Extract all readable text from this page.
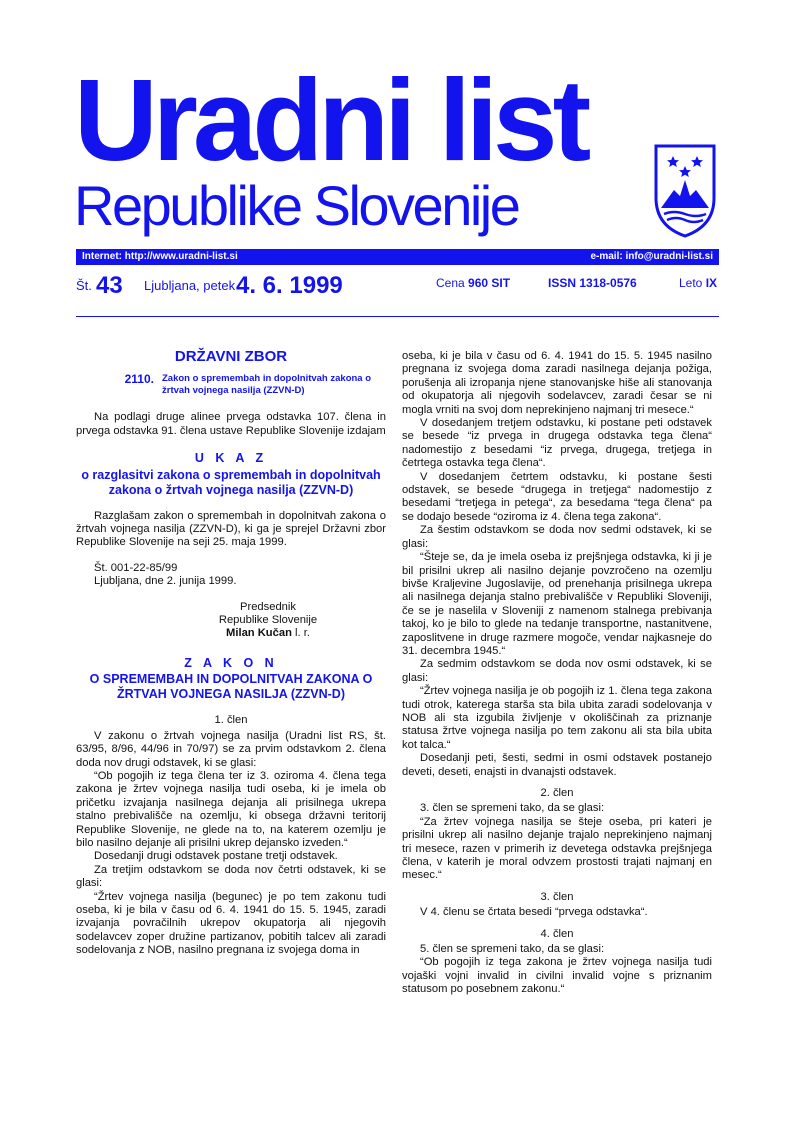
Uradni list
Republike Slovenije
Internet: http://www.uradni-list.si	e-mail: info@uradni-list.si
Št. 43 Ljubljana, petek 4. 6. 1999	Cena 960 SIT	ISSN 1318-0576	Leto IX
DRŽAVNI ZBOR
2110. Zakon o spremembah in dopolnitvah zakona o
žrtvah vojnega nasilja (ZZVN-D)

Na podlagi druge alinee prvega odstavka 107. člena in prvega odstavka 91. člena ustave Republike Slovenije izdajam

U K A Z
o razglasitvi zakona o spremembah in dopolnitvah zakona o žrtvah vojnega nasilja (ZZVN-D)

Razglašam zakon o spremembah in dopolnitvah zakona o žrtvah vojnega nasilja (ZZVN-D), ki ga je sprejel Državni zbor Republike Slovenije na seji 25. maja 1999.

Št. 001-22-85/99

Ljubljana, dne 2. junija 1999.

Predsednik
Republike Slovenije
Milan Kučan l. r.
Z A K O N
O SPREMEMBAH IN DOPOLNITVAH ZAKONA O ŽRTVAH VOJNEGA NASILJA (ZZVN-D)
1. člen

V zakonu o žrtvah vojnega nasilja (Uradni list RS, št. 63/95, 8/96, 44/96 in 70/97) se za prvim odstavkom 2. člena doda nov drugi odstavek, ki se glasi:

“Ob pogojih iz tega člena ter iz 3. oziroma 4. člena tega zakona je žrtev vojnega nasilja tudi oseba, ki je imela ob pričetku izvajanja nasilnega dejanja ali prisilnega ukrepa stalno prebivališče na ozemlju, ki obsega državni teritorij Republike Slovenije, ne glede na to, na katerem ozemlju je bilo nasilno dejanje ali prisilni ukrep dejansko izveden.“

Dosedanji drugi odstavek postane tretji odstavek.

Za tretjim odstavkom se doda nov četrti odstavek, ki se glasi:

“Žrtev vojnega nasilja (begunec) je po tem zakonu tudi oseba, ki je bila v času od 6. 4. 1941 do 15. 5. 1945, zaradi izvajanja povračilnih ukrepov okupatorja ali njegovih sodelavcev zoper družine partizanov, pobitih talcev ali zaradi sodelovanja z NOB, nasilno pregnana iz svojega doma in

oseba, ki je bila v času od 6. 4. 1941 do 15. 5. 1945 nasilno pregnana iz svojega doma zaradi nasilnega dejanja požiga, porušenja ali izropanja njene stanovanjske hiše ali stanovanja od okupatorja ali njegovih sodelavcev, zaradi česar se ni mogla vrniti na svoj dom neprekinjeno najmanj tri mesece.“

V dosedanjem tretjem odstavku, ki postane peti odstavek se besede “iz prvega in drugega odstavka tega člena“ nadomestijo z besedami “iz prvega, drugega, tretjega in četrtega ostavka tega člena“.

V dosedanjem četrtem odstavku, ki postane šesti odstavek, se besede “drugega in tretjega“ nadomestijo z besedami “tretjega in petega“, za besedama “tega člena“ pa se dodajo besede “oziroma iz 4. člena tega zakona“.

Za šestim odstavkom se doda nov sedmi odstavek, ki se glasi:

“Šteje se, da je imela oseba iz prejšnjega odstavka, ki ji je bil prisilni ukrep ali nasilno dejanje povzročeno na ozemlju bivše Kraljevine Jugoslavije, od prenehanja prisilnega ukrepa ali nasilnega dejanja stalno prebivališče v Republiki Sloveniji, če se je naselila v Sloveniji z namenom stalnega prebivanja takoj, ko je bilo to glede na tedanje transportne, nastanitvene, zaposlitvene in druge razmere mogoče, vendar najkasneje do 31. decembra 1945.“

Za sedmim odstavkom se doda nov osmi odstavek, ki se glasi:

“Žrtev vojnega nasilja je ob pogojih iz 1. člena tega zakona tudi otrok, katerega starša sta bila ubita zaradi sodelovanja v NOB ali sta izgubila življenje v okoliščinah za priznanje statusa žrtve vojnega nasilja po tem zakonu ali sta bila ubita kot talca.“

Dosedanji peti, šesti, sedmi in osmi odstavek postanejo deveti, deseti, enajsti in dvanajsti odstavek.

2. člen

3. člen se spremeni tako, da se glasi:

“Za žrtev vojnega nasilja se šteje oseba, pri kateri je prisilni ukrep ali nasilno dejanje trajalo neprekinjeno najmanj tri mesece, razen v primerih iz devetega odstavka prejšnjega člena, v katerih je moral odvzem prostosti trajati najmanj en mesec.“

3. člen

V 4. členu se črtata besedi “prvega odstavka“.

4. člen

5. člen se spremeni tako, da se glasi:

“Ob pogojih iz tega zakona je žrtev vojnega nasilja tudi vojaški vojni invalid in civilni invalid vojne s priznanim statusom po posebnem zakonu.“
